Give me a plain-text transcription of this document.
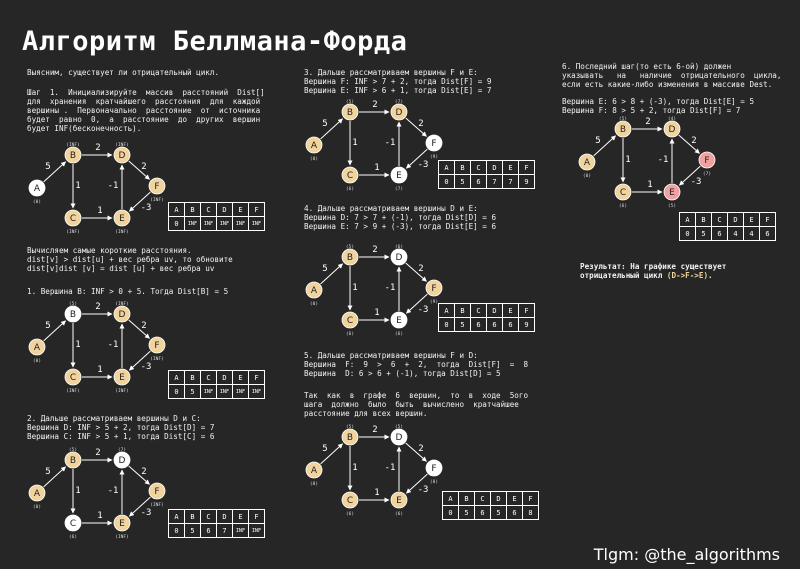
Алгоритм Беллмана-Форда
Выясним, существует ли отрицательный цикл.
Шаг  1.  Инициализируйте  массив  расстояний  Dist[]
для  хранения  кратчайшего  расстояния  для  каждой
вершины .  Первоначально  расстояние  от  источника
будет  равно  0,  а  расстояние  до  других  вершин
будет INF(бесконечность).
Вычисляем самые короткие расстояния.
dist[v] > dist[u] + вес ребра uv, то обновите
dist[v]dist [v] = dist [u] + вес ребра uv
1. Вершина B: INF > 0 + 5. Тогда Dist[B] = 5
2. Дальше рассматриваем вершины D и C:
Вершина D: INF > 5 + 2, тогда Dist[D] = 7
Вершина C: INF > 5 + 1, тогда Dist[C] = 6
3. Дальше рассматриваем вершины F и E:
Вершина F: INF > 7 + 2, тогда Dist[F] = 9
Вершина E: INF > 6 + 1, тогда Dist[E] = 7
4. Дальше рассматриваем вершины D и E:
Вершина D: 7 > 7 + (-1), тогда Dist[D] = 6
Вершина E: 7 > 9 + (-3), тогда Dist[E] = 6
5. Дальше рассматриваем вершины F и D:
Вершина  F:  9  >  6  +  2,  тогда  Dist[F]  =  8
Вершина  D: 6 > 6 + (-1), тогда Dist[D] = 5
Так  как  в  графе  6  вершин,  то  в  ходе  5ого
шага  должно  было  быть  вычислено  кратчайшее
расстояние для всех вершин.
6. Последний шаг(то есть 6-ой) должен
указывать   на   наличие  отрицательного  цикла,
если есть какие-либо изменения в массиве Dest.
Вершина E: 6 > 8 + (-3), тогда Dist[E] = 5
Вершина F: 8 > 5 + 2, тогда Dist[F] = 7
Результат: На графике существует
отрицательный цикл (D->F->E).
5
2
1
1
-1
2
-3
A
(0)
B
(INF)
C
(INF)
D
(INF)
E
(INF)
F
(INF)
5
2
1
1
-1
2
-3
A
(0)
B
(5)
C
(INF)
D
(INF)
E
(INF)
F
(INF)
5
2
1
1
-1
2
-3
A
(0)
B
(5)
C
(6)
D
(7)
E
(INF)
F
(INF)
5
2
1
1
-1
2
-3
A
(0)
B
(5)
C
(6)
D
(7)
E
(7)
F
(9)
5
2
1
1
-1
2
-3
A
(0)
B
(5)
C
(6)
D
(6)
E
(6)
F
(9)
5
2
1
1
-1
2
-3
A
(0)
B
(5)
C
(6)
D
(5)
E
(6)
F
(8)
5
2
1
1
-1
2
-3
A
(0)
B
(5)
C
(6)
D
(4)
E
(5)
F
(7)
A	B	C	D	E	F
0	INF	INF	INF	INF	INF
A	B	C	D	E	F
0	5	INF	INF	INF	INF
A	B	C	D	E	F
0	5	6	7	INF	INF
A	B	C	D	E	F
0	5	6	7	7	9
A	B	C	D	E	F
0	5	6	6	6	9
A	B	C	D	E	F
0	5	6	5	6	8
A	B	C	D	E	F
0	5	6	4	4	6
Tlgm: @the_algorithms
